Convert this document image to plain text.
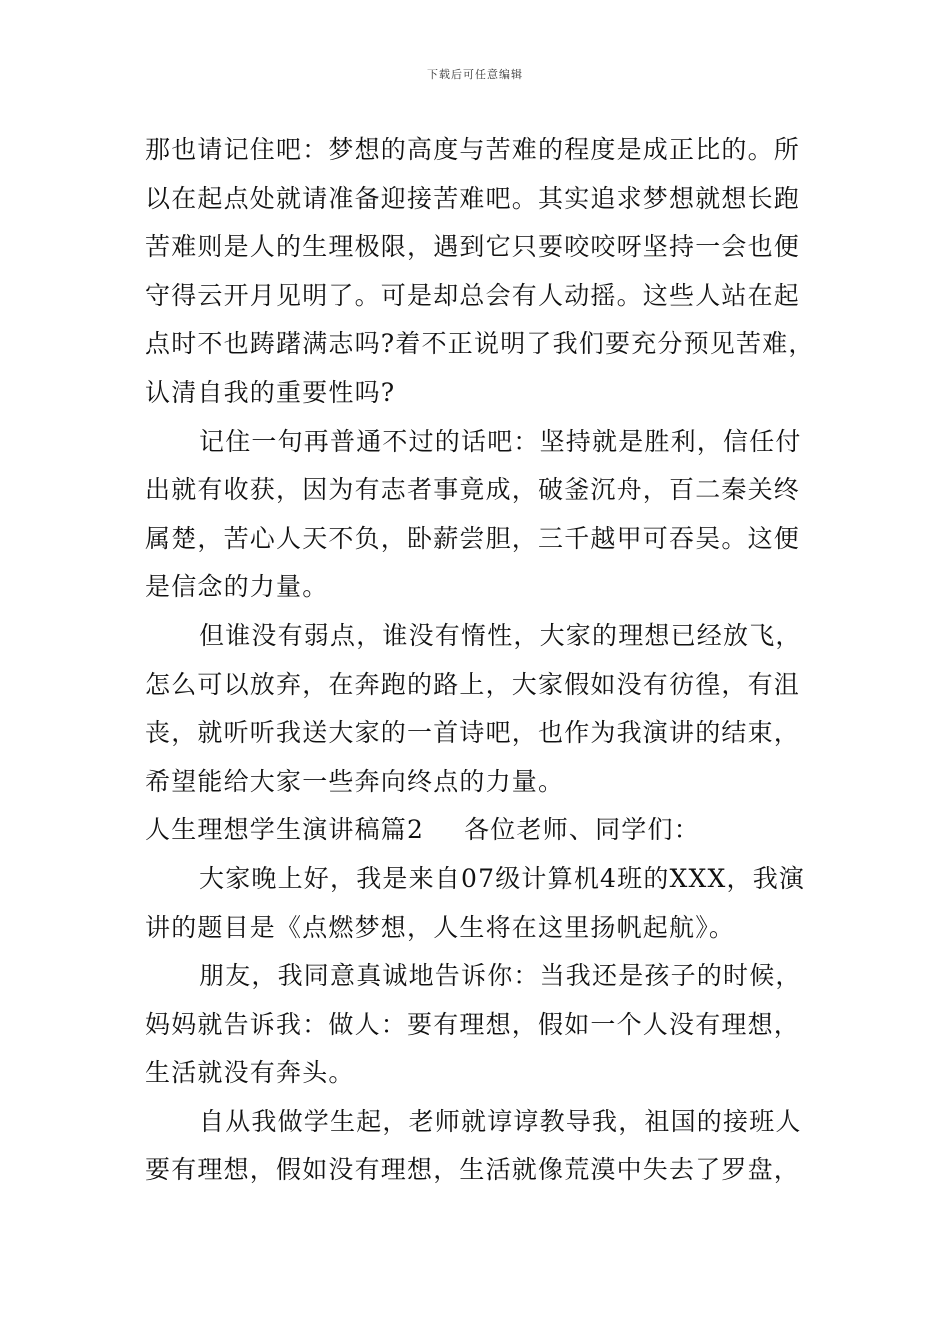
下载后可任意编辑
那也请记住吧：梦想的高度与苦难的程度是成正比的。所
以在起点处就请准备迎接苦难吧。其实追求梦想就想长跑
苦难则是人的生理极限，遇到它只要咬咬呀坚持一会也便
守得云开月见明了。可是却总会有人动摇。这些人站在起
点时不也踌躇满志吗?着不正说明了我们要充分预见苦难，
认清自我的重要性吗?
记住一句再普通不过的话吧：坚持就是胜利，信任付
出就有收获，因为有志者事竟成，破釜沉舟，百二秦关终
属楚，苦心人天不负，卧薪尝胆，三千越甲可吞吴。这便
是信念的力量。
但谁没有弱点，谁没有惰性，大家的理想已经放飞，
怎么可以放弃，在奔跑的路上，大家假如没有彷徨，有沮
丧，就听听我送大家的一首诗吧，也作为我演讲的结束，
希望能给大家一些奔向终点的力量。
人生理想学生演讲稿篇2 各位老师、同学们：
大家晚上好，我是来自07级计算机4班的XXX，我演
讲的题目是《点燃梦想，人生将在这里扬帆起航》。
朋友，我同意真诚地告诉你：当我还是孩子的时候，
妈妈就告诉我：做人：要有理想，假如一个人没有理想，
生活就没有奔头。
自从我做学生起，老师就谆谆教导我，祖国的接班人
要有理想，假如没有理想，生活就像荒漠中失去了罗盘，
